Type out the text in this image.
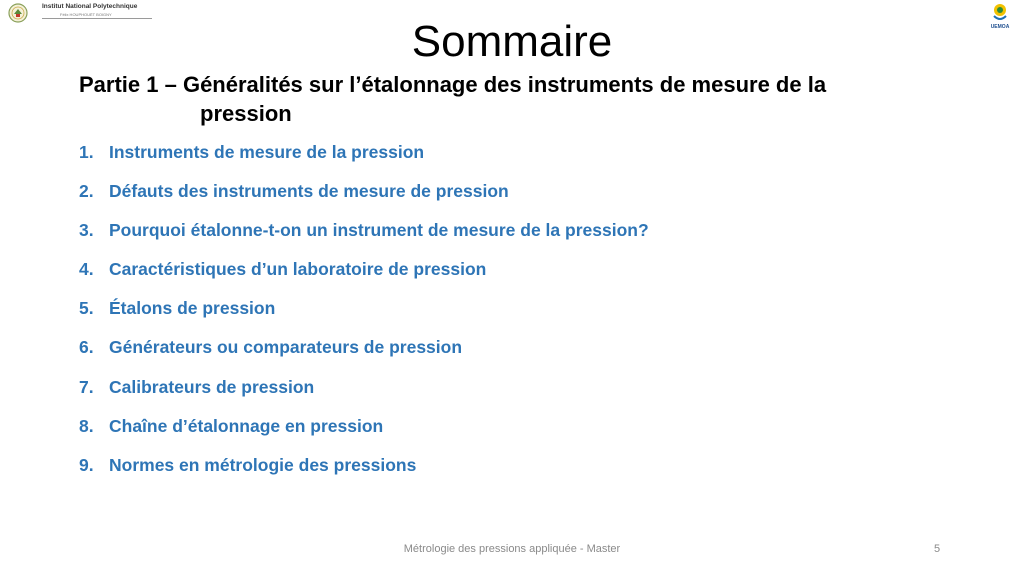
Institut National Polytechnique
Félix HOUPHOUËT BOIGNY
UEMOA
Sommaire

Partie 1 – Généralités sur l’étalonnage des instruments de mesure de la
pression

1. Instruments de mesure de la pression
2. Défauts des instruments de mesure de pression
3. Pourquoi étalonne-t-on un instrument de mesure de la pression?
4. Caractéristiques d’un laboratoire de pression
5. Étalons de pression
6. Générateurs ou comparateurs de pression
7. Calibrateurs de pression
8. Chaîne d’étalonnage en pression
9. Normes en métrologie des pressions
Métrologie des pressions appliquée - Master	5
